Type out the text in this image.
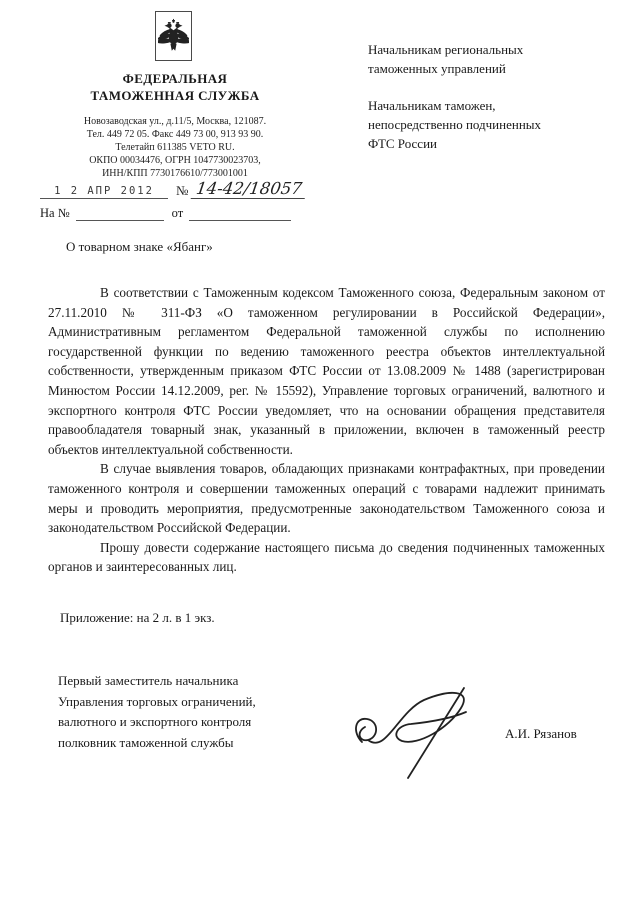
ФЕДЕРАЛЬНАЯ
ТАМОЖЕННАЯ СЛУЖБА
Новозаводская ул., д.11/5, Москва, 121087.
Тел. 449 72 05. Факс 449 73 00, 913 93 90.
Телетайп 611385 VETO RU.
ОКПО 00034476, ОГРН 1047730023703,
ИНН/КПП 7730176610/773001001
Начальникам региональных
таможенных управлений
Начальникам таможен,
непосредственно подчиненных
ФТС России
1 2 АПР 2012	№ 14-42/18057
На №	от
О товарном знаке «Ябанг»

В соответствии с Таможенным кодексом Таможенного союза, Федеральным законом от 27.11.2010 № 311-ФЗ «О таможенном регулировании в Российской Федерации», Административным регламентом Федеральной таможенной службы по исполнению государственной функции по ведению таможенного реестра объектов интеллектуальной собственности, утвержденным приказом ФТС России от 13.08.2009 № 1488 (зарегистрирован Минюстом России 14.12.2009, рег. № 15592), Управление торговых ограничений, валютного и экспортного контроля ФТС России уведомляет, что на основании обращения представителя правообладателя товарный знак, указанный в приложении, включен в таможенный реестр объектов интеллектуальной собственности.

В случае выявления товаров, обладающих признаками контрафактных, при проведении таможенного контроля и совершении таможенных операций с товарами надлежит принимать меры и проводить мероприятия, предусмотренные законодательством Таможенного союза и законодательством Российской Федерации.

Прошу довести содержание настоящего письма до сведения подчиненных таможенных органов и заинтересованных лиц.

Приложение: на 2 л. в 1 экз.
Первый заместитель начальника
Управления торговых ограничений,
валютного и экспортного контроля
полковник таможенной службы
А.И. Рязанов
